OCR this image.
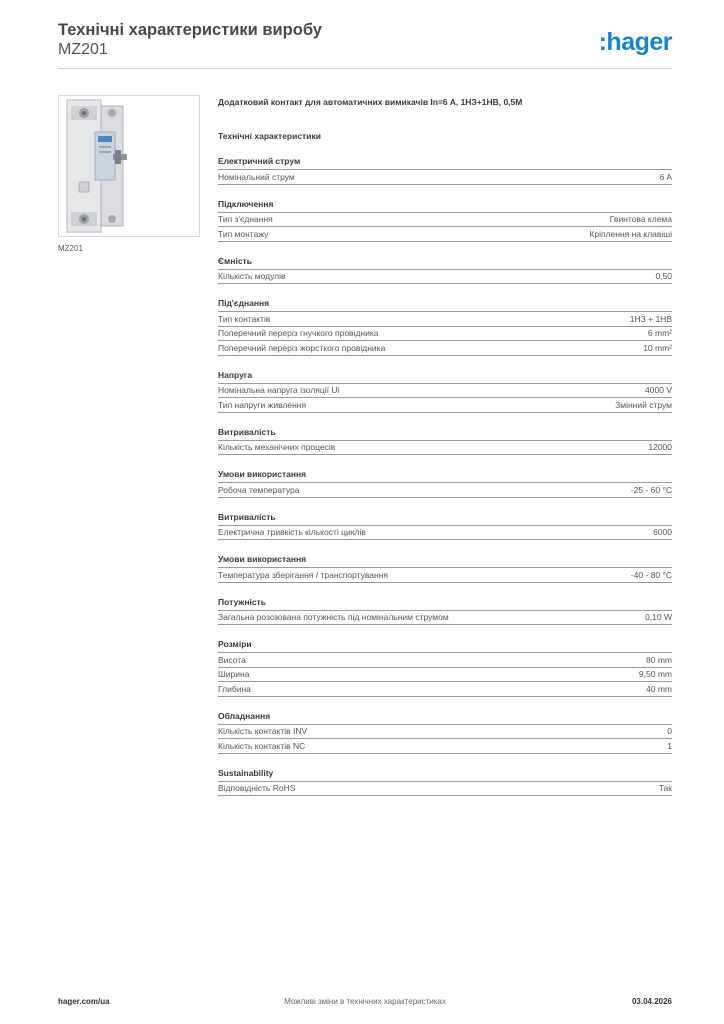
Технічні характеристики виробу
MZ201	:hager
MZ201
Додатковий контакт для автоматичних вимикачів In=6 A, 1НЗ+1НВ, 0,5M
Технічні характеристики
Електричний струм
Номінальний струм	6 A
Підключення
Тип з'єднання	Гвинтова клема
Тип монтажу	Кріплення на клавіші
Ємність
Кількість модулів	0,50
Під'єднання
Тип контактів	1НЗ + 1НВ
Поперечний переріз гнучкого провідника	6 mm²
Поперечний переріз жорсткого провідника	10 mm²
Напруга
Номінальна напруга ізоляції Ui	4000 V
Тип напруги живлення	Змінний струм
Витривалість
Кількість механічних процесів	12000
Умови використання
Робоча температура	-25 - 60 °C
Витривалість
Електрична тривкість кількості циклів	6000
Умови використання
Температура зберігання / транспортування	-40 - 80 °C
Потужність
Загальна розсіювана потужність під номінальним струмом	0,10 W
Розміри
Висота	80 mm
Ширина	9,50 mm
Глибина	40 mm
Обладнання
Кількість контактів INV	0
Кількість контактів NC	1
Sustainability
Відповідність RoHS	Так
Можливі зміни в технічних характеристиках
hager.com/ua	03.04.2026
